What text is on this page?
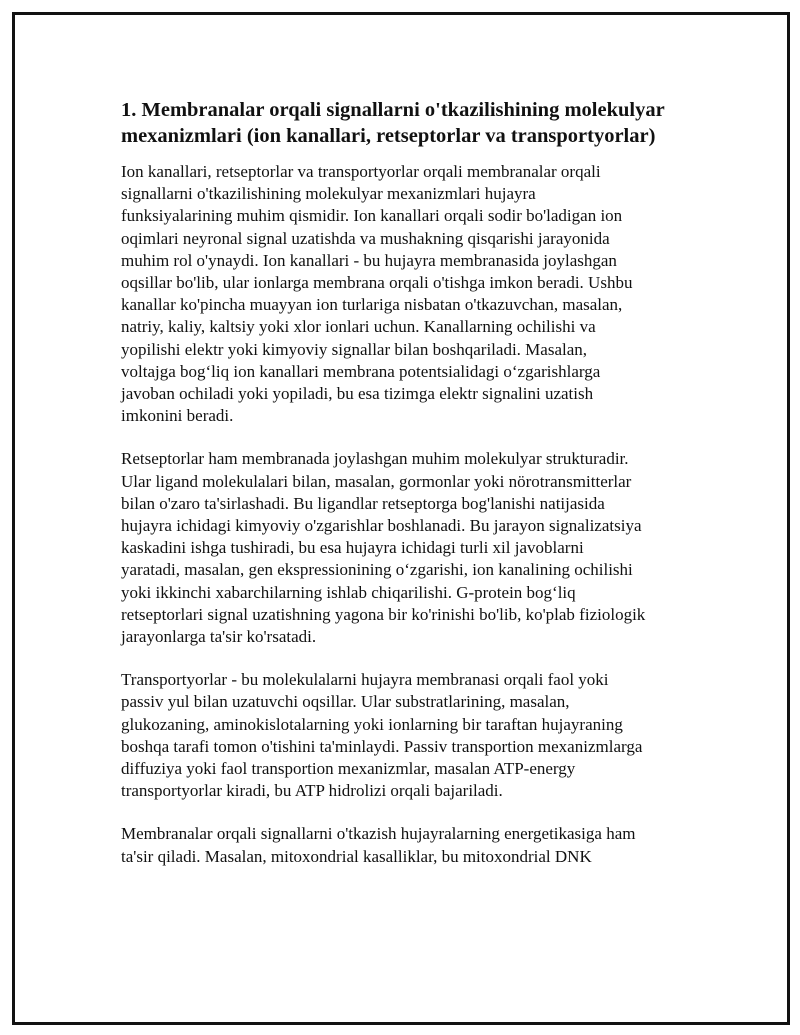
1. Membranalar orqali signallarni o'tkazilishining molekulyar mexanizmlari (ion kanallari, retseptorlar va transportyorlar)

Ion kanallari, retseptorlar va transportyorlar orqali membranalar orqali
signallarni o'tkazilishining molekulyar mexanizmlari hujayra
funksiyalarining muhim qismidir. Ion kanallari orqali sodir bo'ladigan ion
oqimlari neyronal signal uzatishda va mushakning qisqarishi jarayonida
muhim rol o'ynaydi. Ion kanallari - bu hujayra membranasida joylashgan
oqsillar bo'lib, ular ionlarga membrana orqali o'tishga imkon beradi. Ushbu
kanallar ko'pincha muayyan ion turlariga nisbatan o'tkazuvchan, masalan,
natriy, kaliy, kaltsiy yoki xlor ionlari uchun. Kanallarning ochilishi va
yopilishi elektr yoki kimyoviy signallar bilan boshqariladi. Masalan,
voltajga bog‘liq ion kanallari membrana potentsialidagi o‘zgarishlarga
javoban ochiladi yoki yopiladi, bu esa tizimga elektr signalini uzatish
imkonini beradi.

Retseptorlar ham membranada joylashgan muhim molekulyar strukturadir.
Ular ligand molekulalari bilan, masalan, gormonlar yoki nörotransmitterlar
bilan o'zaro ta'sirlashadi. Bu ligandlar retseptorga bog'lanishi natijasida
hujayra ichidagi kimyoviy o'zgarishlar boshlanadi. Bu jarayon signalizatsiya
kaskadini ishga tushiradi, bu esa hujayra ichidagi turli xil javoblarni
yaratadi, masalan, gen ekspressionining o‘zgarishi, ion kanalining ochilishi
yoki ikkinchi xabarchilarning ishlab chiqarilishi. G-protein bog‘liq
retseptorlari signal uzatishning yagona bir ko'rinishi bo'lib, ko'plab fiziologik
jarayonlarga ta'sir ko'rsatadi.

Transportyorlar - bu molekulalarni hujayra membranasi orqali faol yoki
passiv yul bilan uzatuvchi oqsillar. Ular substratlarining, masalan,
glukozaning, aminokislotalarning yoki ionlarning bir taraftan hujayraning
boshqa tarafi tomon o'tishini ta'minlaydi. Passiv transportion mexanizmlarga
diffuziya yoki faol transportion mexanizmlar, masalan ATP-energy
transportyorlar kiradi, bu ATP hidrolizi orqali bajariladi.

Membranalar orqali signallarni o'tkazish hujayralarning energetikasiga ham
ta'sir qiladi. Masalan, mitoxondrial kasalliklar, bu mitoxondrial DNK
